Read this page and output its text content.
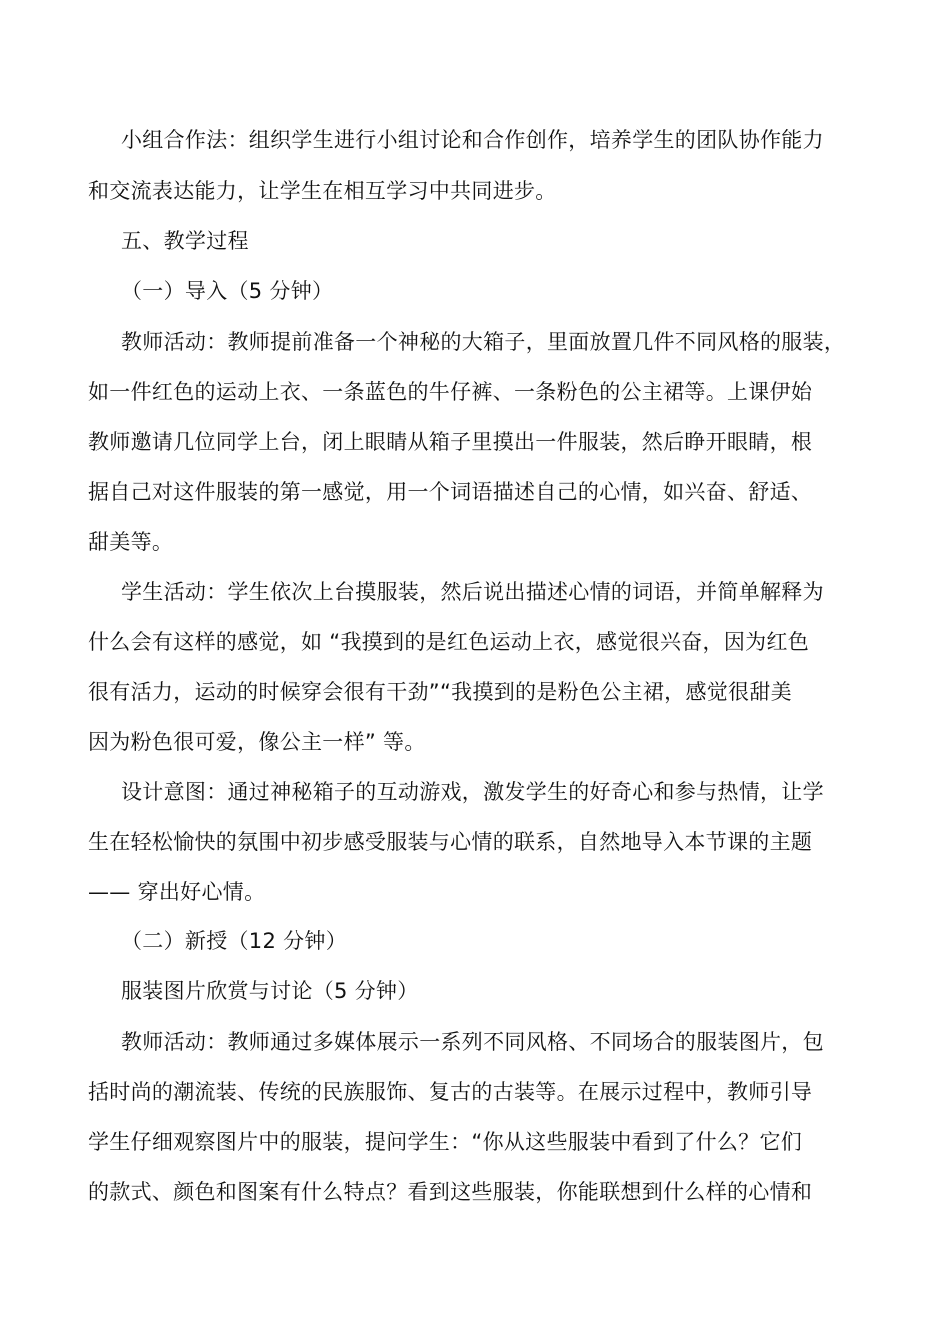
小组合作法：组织学生进行小组讨论和合作创作，培养学生的团队协作能力

和交流表达能力，让学生在相互学习中共同进步。

五、教学过程

（一）导入（5 分钟）

教师活动：教师提前准备一个神秘的大箱子，里面放置几件不同风格的服装，

如一件红色的运动上衣、一条蓝色的牛仔裤、一条粉色的公主裙等。上课伊始

教师邀请几位同学上台，闭上眼睛从箱子里摸出一件服装，然后睁开眼睛，根

据自己对这件服装的第一感觉，用一个词语描述自己的心情，如兴奋、舒适、

甜美等。

学生活动：学生依次上台摸服装，然后说出描述心情的词语，并简单解释为

什么会有这样的感觉，如 “我摸到的是红色运动上衣，感觉很兴奋，因为红色

很有活力，运动的时候穿会很有干劲”“我摸到的是粉色公主裙，感觉很甜美

因为粉色很可爱，像公主一样” 等。

设计意图：通过神秘箱子的互动游戏，激发学生的好奇心和参与热情，让学

生在轻松愉快的氛围中初步感受服装与心情的联系，自然地导入本节课的主题

—— 穿出好心情。

（二）新授（12 分钟）

服装图片欣赏与讨论（5 分钟）

教师活动：教师通过多媒体展示一系列不同风格、不同场合的服装图片，包

括时尚的潮流装、传统的民族服饰、复古的古装等。在展示过程中，教师引导

学生仔细观察图片中的服装，提问学生：“你从这些服装中看到了什么？它们

的款式、颜色和图案有什么特点？看到这些服装，你能联想到什么样的心情和
